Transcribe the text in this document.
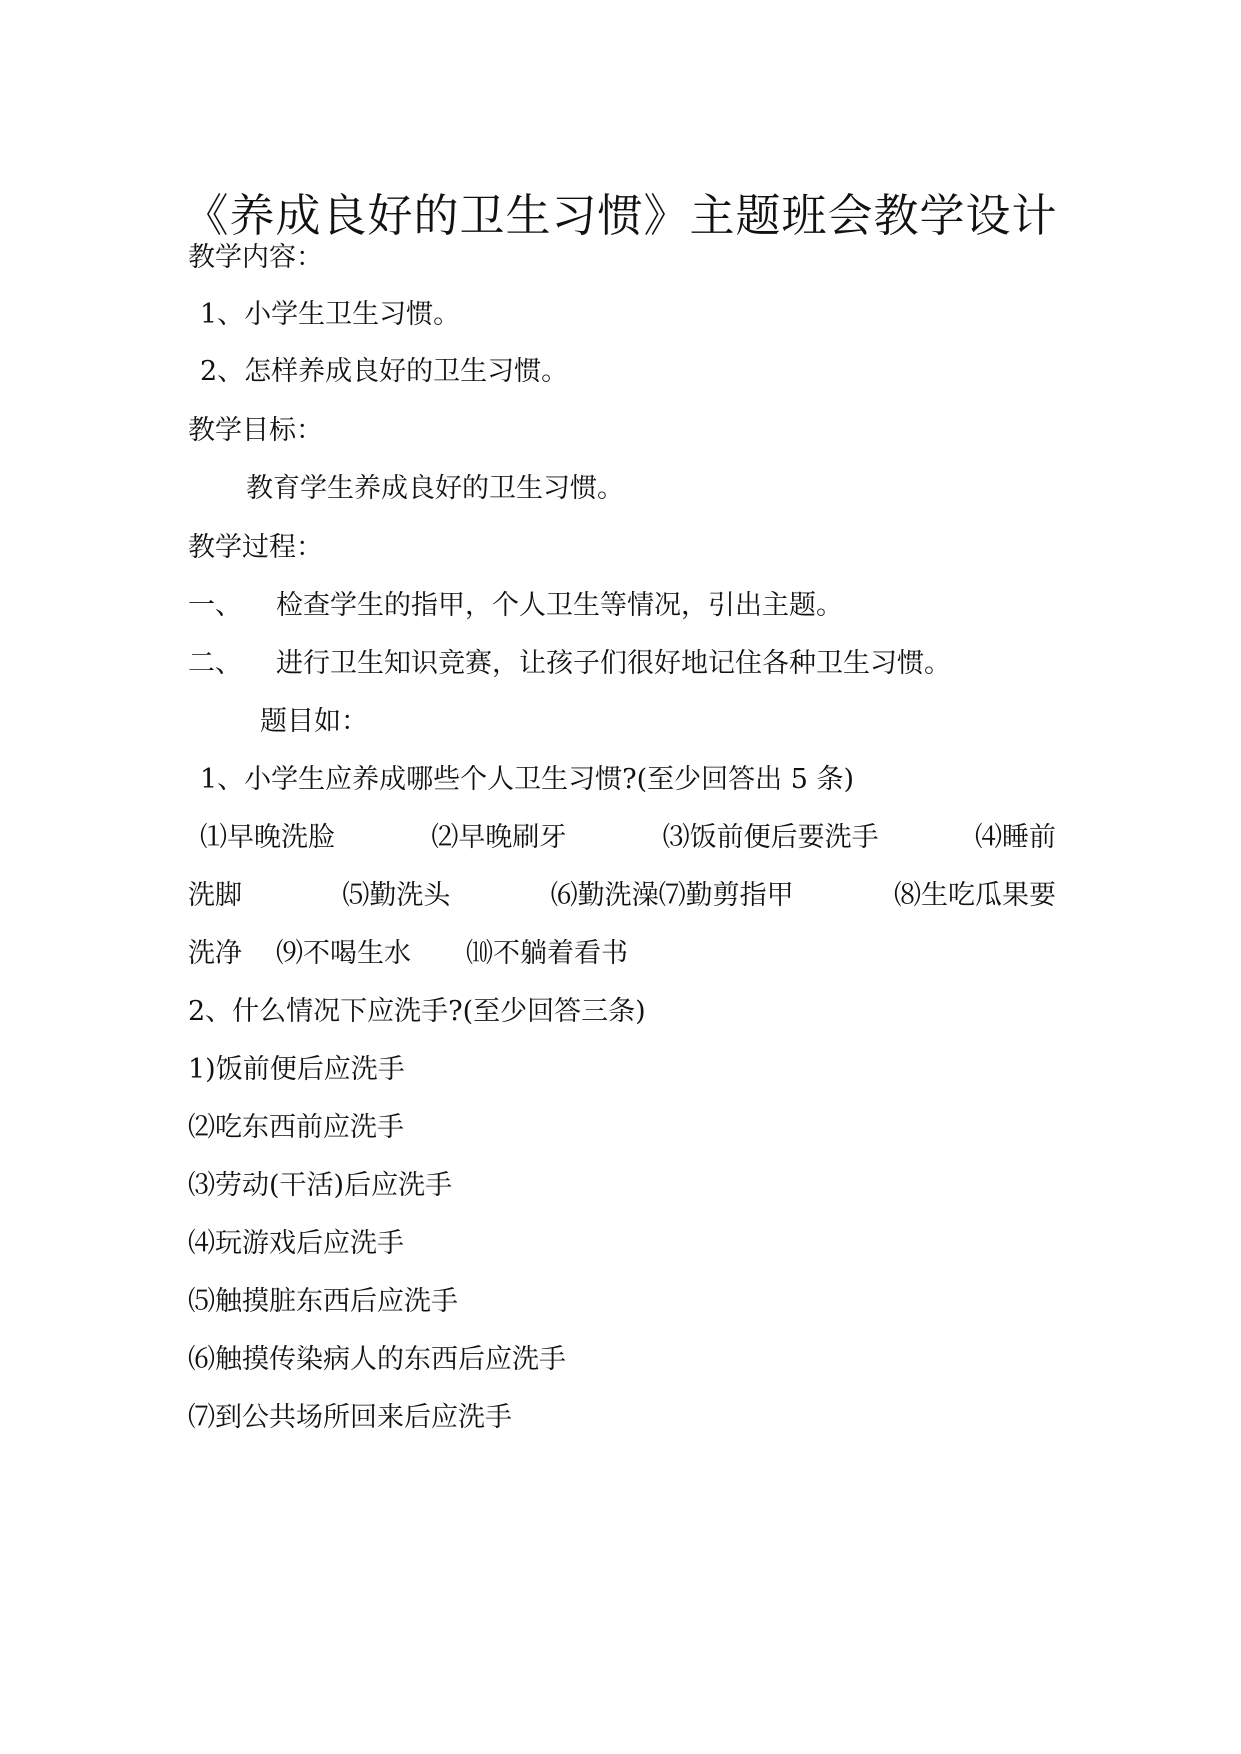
《养成良好的卫生习惯》主题班会教学设计
教学内容：
1、小学生卫生习惯。
2、怎样养成良好的卫生习惯。
教学目标：
教育学生养成良好的卫生习惯。
教学过程：
一、 检查学生的指甲，个人卫生等情况，引出主题。
二、 进行卫生知识竞赛，让孩子们很好地记住各种卫生习惯。
题目如：
1、小学生应养成哪些个人卫生习惯?(至少回答出 5 条)
⑴早晚洗脸	⑵早晚刷牙	⑶饭前便后要洗手	⑷睡前
洗脚	⑸勤洗头	⑹勤洗澡⑺勤剪指甲	⑻生吃瓜果要
洗净 ⑼不喝生水 ⑽不躺着看书
2、什么情况下应洗手?(至少回答三条)
1)饭前便后应洗手
⑵吃东西前应洗手
⑶劳动(干活)后应洗手
⑷玩游戏后应洗手
⑸触摸脏东西后应洗手
⑹触摸传染病人的东西后应洗手
⑺到公共场所回来后应洗手
